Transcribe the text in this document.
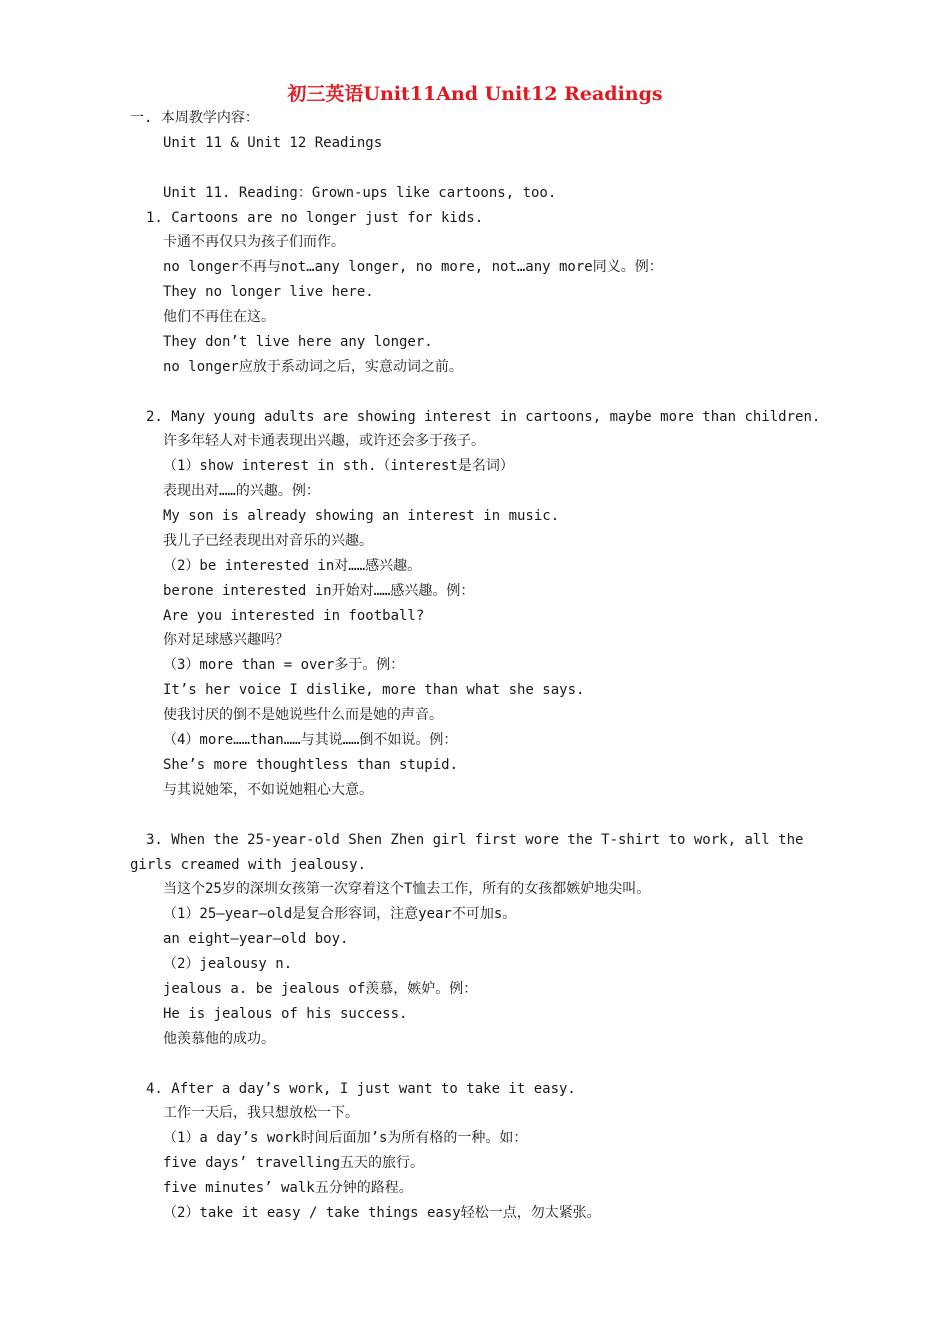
初三英语Unit11And Unit12 Readings
一. 本周教学内容：
Unit 11 & Unit 12 Readings
Unit 11. Reading：Grown-ups like cartoons, too.
1. Cartoons are no longer just for kids.
卡通不再仅只为孩子们而作。
no longer不再与not…any longer, no more, not…any more同义。例：
They no longer live here.
他们不再住在这。
They don’t live here any longer.
no longer应放于系动词之后，实意动词之前。
2. Many young adults are showing interest in cartoons, maybe more than children.
许多年轻人对卡通表现出兴趣，或许还会多于孩子。
（1）show interest in sth.（interest是名词）
表现出对……的兴趣。例：
My son is already showing an interest in music.
我儿子已经表现出对音乐的兴趣。
（2）be interested in对……感兴趣。
berone interested in开始对……感兴趣。例：
Are you interested in football?
你对足球感兴趣吗？
（3）more than = over多于。例：
It’s her voice I dislike, more than what she says.
使我讨厌的倒不是她说些什么而是她的声音。
（4）more……than……与其说……倒不如说。例：
She’s more thoughtless than stupid.
与其说她笨，不如说她粗心大意。
3. When the 25-year-old Shen Zhen girl first wore the T-shirt to work, all the
girls creamed with jealousy.
当这个25岁的深圳女孩第一次穿着这个T恤去工作，所有的女孩都嫉妒地尖叫。
（1）25—year—old是复合形容词，注意year不可加s。
an eight—year—old boy.
（2）jealousy n.
jealous a. be jealous of羡慕，嫉妒。例：
He is jealous of his success.
他羡慕他的成功。
4. After a day’s work, I just want to take it easy.
工作一天后，我只想放松一下。
（1）a day’s work时间后面加’s为所有格的一种。如：
five days’ travelling五天的旅行。
five minutes’ walk五分钟的路程。
（2）take it easy / take things easy轻松一点，勿太紧张。
